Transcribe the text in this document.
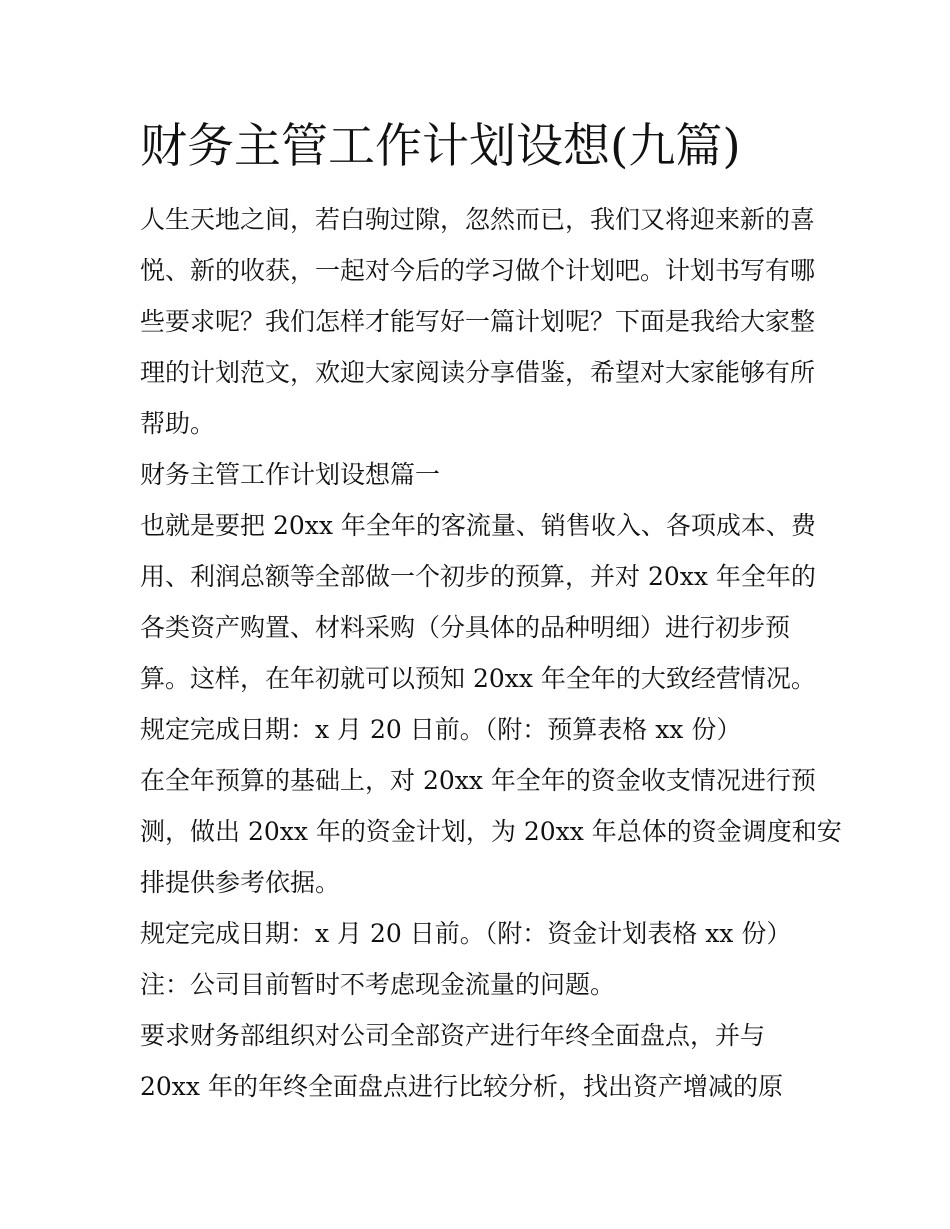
财务主管工作计划设想(九篇)
人生天地之间，若白驹过隙，忽然而已，我们又将迎来新的喜
悦、新的收获，一起对今后的学习做个计划吧。计划书写有哪
些要求呢？我们怎样才能写好一篇计划呢？下面是我给大家整
理的计划范文，欢迎大家阅读分享借鉴，希望对大家能够有所
帮助。
财务主管工作计划设想篇一
也就是要把 20xx 年全年的客流量、销售收入、各项成本、费
用、利润总额等全部做一个初步的预算，并对 20xx 年全年的
各类资产购置、材料采购（分具体的品种明细）进行初步预
算。这样，在年初就可以预知 20xx 年全年的大致经营情况。
规定完成日期：x 月 20 日前。（附：预算表格 xx 份）
在全年预算的基础上，对 20xx 年全年的资金收支情况进行预
测，做出 20xx 年的资金计划，为 20xx 年总体的资金调度和安
排提供参考依据。
规定完成日期：x 月 20 日前。（附：资金计划表格 xx 份）
注：公司目前暂时不考虑现金流量的问题。
要求财务部组织对公司全部资产进行年终全面盘点，并与
20xx 年的年终全面盘点进行比较分析，找出资产增减的原
